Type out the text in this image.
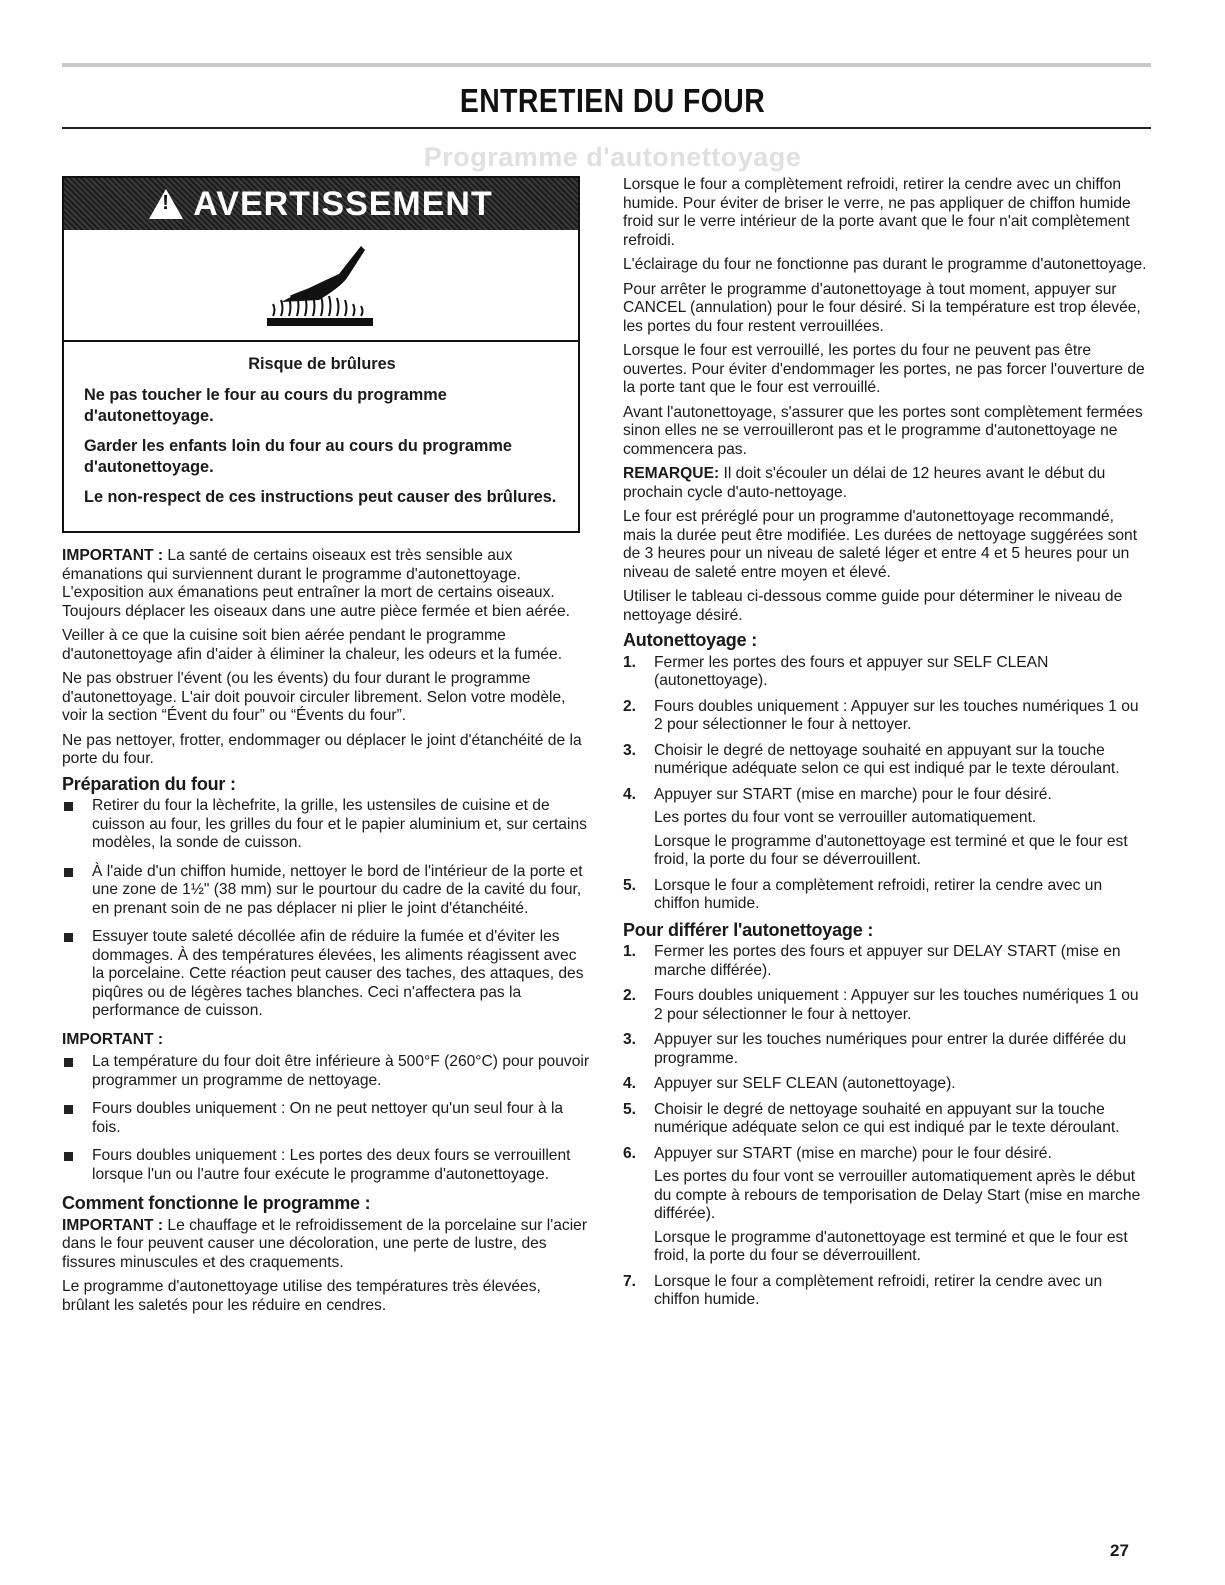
ENTRETIEN DU FOUR
Programme d'autonettoyage
!
AVERTISSEMENT
Risque de brûlures
Ne pas toucher le four au cours du programme d'autonettoyage.
Garder les enfants loin du four au cours du programme d'autonettoyage.
Le non-respect de ces instructions peut causer des brûlures.

IMPORTANT : La santé de certains oiseaux est très sensible aux émanations qui surviennent durant le programme d'autonettoyage. L'exposition aux émanations peut entraîner la mort de certains oiseaux. Toujours déplacer les oiseaux dans une autre pièce fermée et bien aérée.

Veiller à ce que la cuisine soit bien aérée pendant le programme d'autonettoyage afin d'aider à éliminer la chaleur, les odeurs et la fumée.

Ne pas obstruer l'évent (ou les évents) du four durant le programme d'autonettoyage. L'air doit pouvoir circuler librement. Selon votre modèle, voir la section “Évent du four” ou “Évents du four”.

Ne pas nettoyer, frotter, endommager ou déplacer le joint d'étanchéité de la porte du four.

Préparation du four :
Retirer du four la lèchefrite, la grille, les ustensiles de cuisine et de cuisson au four, les grilles du four et le papier aluminium et, sur certains modèles, la sonde de cuisson.
À l'aide d'un chiffon humide, nettoyer le bord de l'intérieur de la porte et une zone de 1½" (38 mm) sur le pourtour du cadre de la cavité du four, en prenant soin de ne pas déplacer ni plier le joint d'étanchéité.
Essuyer toute saleté décollée afin de réduire la fumée et d'éviter les dommages. À des températures élevées, les aliments réagissent avec la porcelaine. Cette réaction peut causer des taches, des attaques, des piqûres ou de légères taches blanches. Ceci n'affectera pas la performance de cuisson.
IMPORTANT :
La température du four doit être inférieure à 500°F (260°C) pour pouvoir programmer un programme de nettoyage.
Fours doubles uniquement : On ne peut nettoyer qu'un seul four à la fois.
Fours doubles uniquement : Les portes des deux fours se verrouillent lorsque l'un ou l'autre four exécute le programme d'autonettoyage.
Comment fonctionne le programme :

IMPORTANT : Le chauffage et le refroidissement de la porcelaine sur l'acier dans le four peuvent causer une décoloration, une perte de lustre, des fissures minuscules et des craquements.

Le programme d'autonettoyage utilise des températures très élevées, brûlant les saletés pour les réduire en cendres.

Lorsque le four a complètement refroidi, retirer la cendre avec un chiffon humide. Pour éviter de briser le verre, ne pas appliquer de chiffon humide froid sur le verre intérieur de la porte avant que le four n'ait complètement refroidi.

L'éclairage du four ne fonctionne pas durant le programme d'autonettoyage.

Pour arrêter le programme d'autonettoyage à tout moment, appuyer sur CANCEL (annulation) pour le four désiré. Si la température est trop élevée, les portes du four restent verrouillées.

Lorsque le four est verrouillé, les portes du four ne peuvent pas être ouvertes. Pour éviter d'endommager les portes, ne pas forcer l'ouverture de la porte tant que le four est verrouillé.

Avant l'autonettoyage, s'assurer que les portes sont complètement fermées sinon elles ne se verrouilleront pas et le programme d'autonettoyage ne commencera pas.

REMARQUE: Il doit s'écouler un délai de 12 heures avant le début du prochain cycle d'auto-nettoyage.

Le four est préréglé pour un programme d'autonettoyage recommandé, mais la durée peut être modifiée. Les durées de nettoyage suggérées sont de 3 heures pour un niveau de saleté léger et entre 4 et 5 heures pour un niveau de saleté entre moyen et élevé.

Utiliser le tableau ci-dessous comme guide pour déterminer le niveau de nettoyage désiré.

Autonettoyage :
1. Fermer les portes des fours et appuyer sur SELF CLEAN (autonettoyage).
2. Fours doubles uniquement : Appuyer sur les touches numériques 1 ou 2 pour sélectionner le four à nettoyer.
3. Choisir le degré de nettoyage souhaité en appuyant sur la touche numérique adéquate selon ce qui est indiqué par le texte déroulant.
4. Appuyer sur START (mise en marche) pour le four désiré.
Les portes du four vont se verrouiller automatiquement.
Lorsque le programme d'autonettoyage est terminé et que le four est froid, la porte du four se déverrouillent.
5. Lorsque le four a complètement refroidi, retirer la cendre avec un chiffon humide.
Pour différer l'autonettoyage :
1. Fermer les portes des fours et appuyer sur DELAY START (mise en marche différée).
2. Fours doubles uniquement : Appuyer sur les touches numériques 1 ou 2 pour sélectionner le four à nettoyer.
3. Appuyer sur les touches numériques pour entrer la durée différée du programme.
4. Appuyer sur SELF CLEAN (autonettoyage).
5. Choisir le degré de nettoyage souhaité en appuyant sur la touche numérique adéquate selon ce qui est indiqué par le texte déroulant.
6. Appuyer sur START (mise en marche) pour le four désiré.
Les portes du four vont se verrouiller automatiquement après le début du compte à rebours de temporisation de Delay Start (mise en marche différée).
Lorsque le programme d'autonettoyage est terminé et que le four est froid, la porte du four se déverrouillent.
7. Lorsque le four a complètement refroidi, retirer la cendre avec un chiffon humide.
27
